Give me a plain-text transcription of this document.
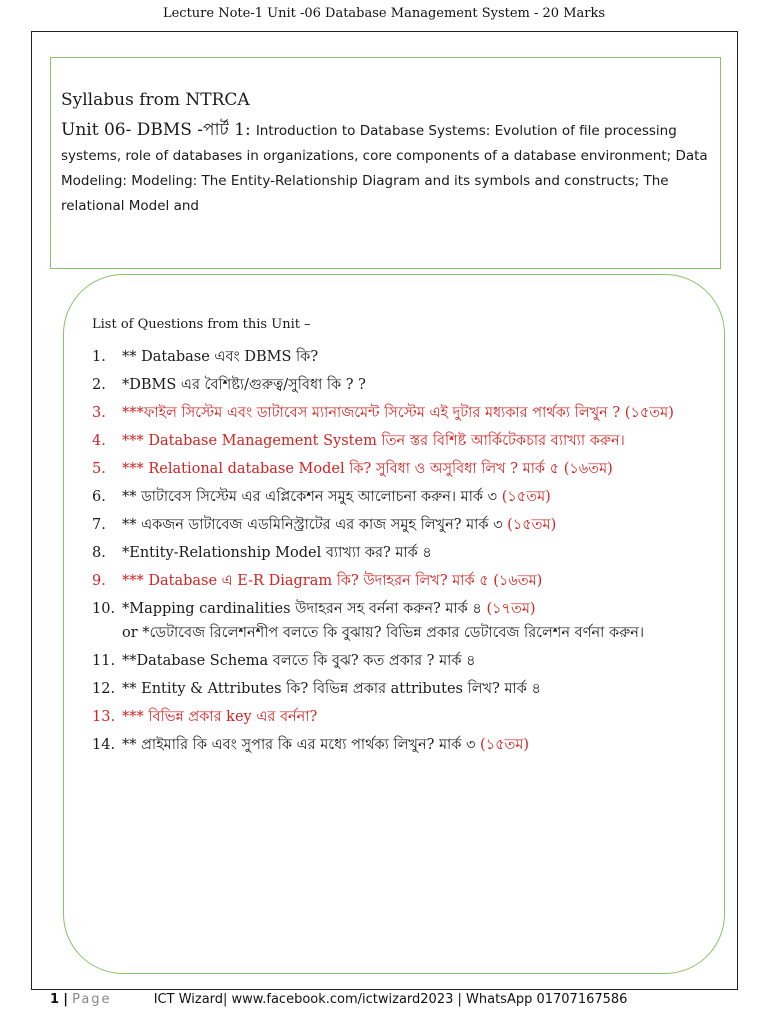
Lecture Note-1 Unit -06 Database Management System - 20 Marks

Syllabus from NTRCA

Unit 06- DBMS -পার্ট 1: Introduction to Database Systems: Evolution of file processing systems, role of databases in organizations, core components of a database environment; Data Modeling: Modeling: The Entity-Relationship Diagram and its symbols and constructs; The relational Model and

List of Questions from this Unit –
1. ** Database এবং DBMS কি?
2. *DBMS এর বৈশিষ্ট্য/গুরুত্ব/সুবিধা কি ? ?
3. ***ফাইল সিস্টেম এবং ডাটাবেস ম্যানাজমেন্ট সিস্টেম এই দুটার মধ্যকার পার্থক্য লিখুন ? (১৫তম)
4. *** Database Management System তিন স্তর বিশিষ্ট আর্কিটেকচার ব্যাখ্যা করুন।
5. *** Relational database Model কি? সুবিধা ও অসুবিধা লিখ ? মার্ক ৫ (১৬তম)
6. ** ডাটাবেস সিস্টেম এর এপ্লিকেশন সমুহ আলোচনা করুন। মার্ক ৩ (১৫তম)
7. ** একজন ডাটাবেজ এডমিনিস্ট্রাটের এর কাজ সমুহ লিখুন? মার্ক ৩ (১৫তম)
8. *Entity-Relationship Model ব্যাখ্যা কর? মার্ক ৪
9. *** Database এ E-R Diagram কি? উদাহরন লিখ? মার্ক ৫ (১৬তম)
10. *Mapping cardinalities উদাহরন সহ বর্ননা করুন? মার্ক ৪ (১৭তম)
or *ডেটাবেজ রিলেশনশীপ বলতে কি বুঝায়? বিভিন্ন প্রকার ডেটাবেজ রিলেশন বর্ণনা করুন।
11. **Database Schema বলতে কি বুঝ? কত প্রকার ? মার্ক ৪
12. ** Entity & Attributes কি? বিভিন্ন প্রকার attributes লিখ? মার্ক ৪
13. *** বিভিন্ন প্রকার key এর বর্ননা?
14. ** প্রাইমারি কি এবং সুপার কি এর মধ্যে পার্থক্য লিখুন? মার্ক ৩ (১৫তম)
1 | Page	ICT Wizard| www.facebook.com/ictwizard2023 | WhatsApp 01707167586
